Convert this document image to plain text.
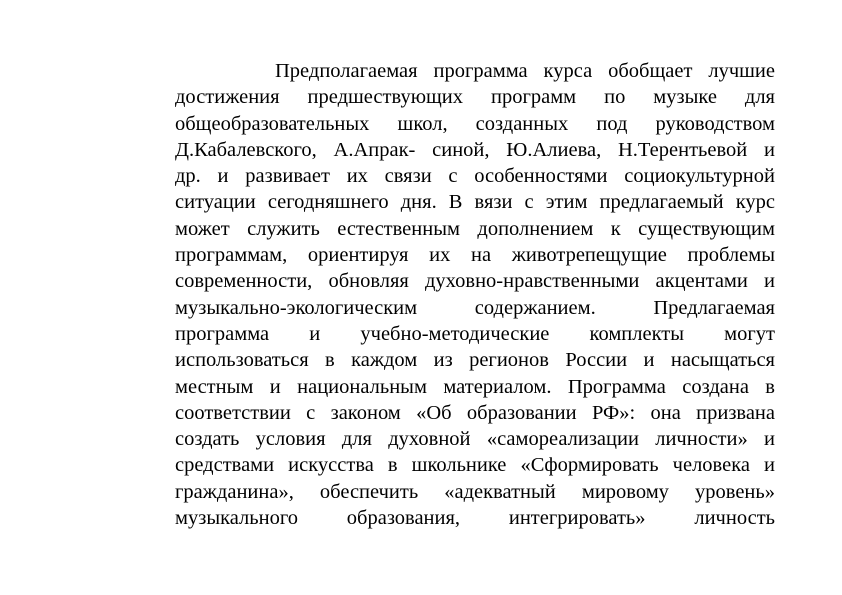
Предполагаемая программа курса обобщает лучшие
достижения предшествующих программ по музыке для
общеобразовательных школ, созданных под руководством
Д.Кабалевского, А.Апрак- синой, Ю.Алиева, Н.Терентьевой и
др. и развивает их связи с особенностями социокультурной
ситуации сегодняшнего дня. В вязи с этим предлагаемый курс
может служить естественным дополнением к существующим
программам, ориентируя их на животрепещущие проблемы
современности, обновляя духовно-нравственными акцентами и
музыкально-экологическим содержанием. Предлагаемая
программа и учебно-методические комплекты могут
использоваться в каждом из регионов России и насыщаться
местным и национальным материалом. Программа создана в
соответствии с законом «Об образовании РФ»: она призвана
создать условия для духовной «самореализации личности» и
средствами искусства в школьнике «Сформировать человека и
гражданина», обеспечить «адекватный мировому уровень»
музыкального образования, интегрировать» личность
